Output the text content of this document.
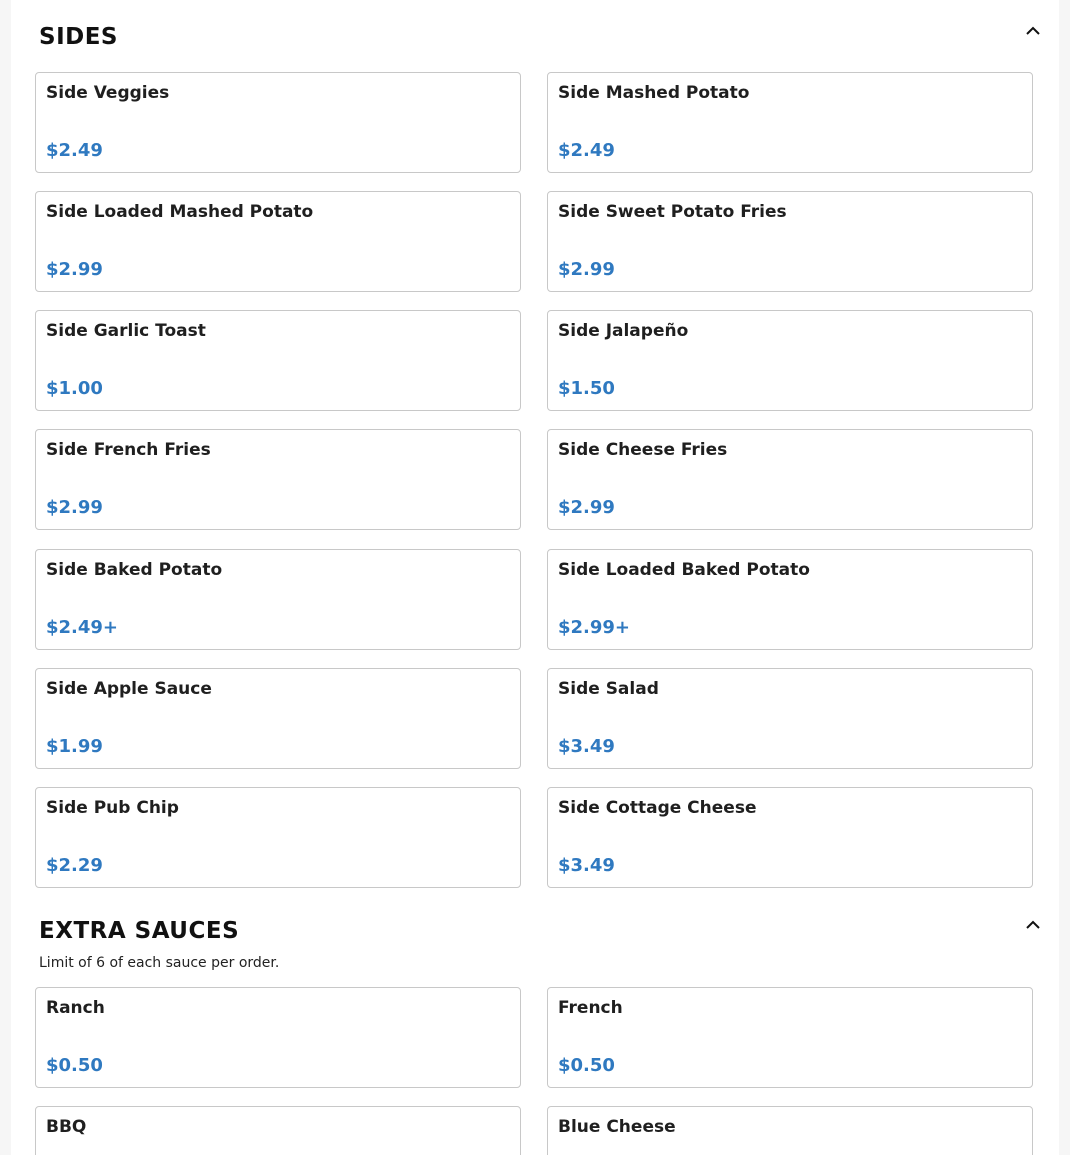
SIDES
Side Veggies
$2.49
Side Mashed Potato
$2.49
Side Loaded Mashed Potato
$2.99
Side Sweet Potato Fries
$2.99
Side Garlic Toast
$1.00
Side Jalapeño
$1.50
Side French Fries
$2.99
Side Cheese Fries
$2.99
Side Baked Potato
$2.49+
Side Loaded Baked Potato
$2.99+
Side Apple Sauce
$1.99
Side Salad
$3.49
Side Pub Chip
$2.29
Side Cottage Cheese
$3.49
EXTRA SAUCES
Limit of 6 of each sauce per order.
Ranch
$0.50
French
$0.50
BBQ	Blue Cheese
